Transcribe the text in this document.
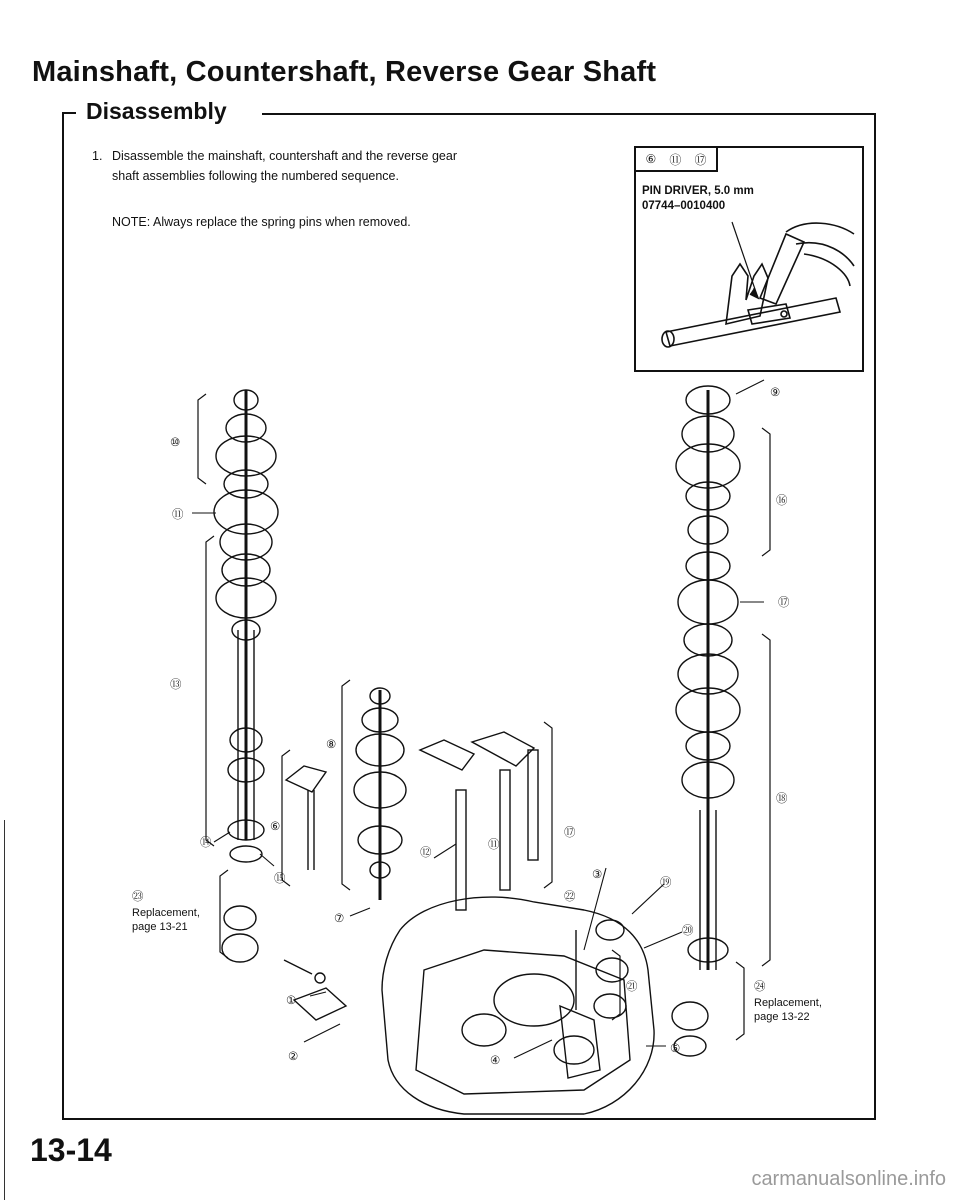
Mainshaft, Countershaft, Reverse Gear Shaft
Disassembly
1. Disassemble the mainshaft, countershaft and the reverse gear shaft assemblies following the numbered sequence.
NOTE: Always replace the spring pins when removed.
⑥ ⑪ ⑰
PIN DRIVER, 5.0 mm
07744–0010400
⑩
⑪
⑬
⑭
⑮
⑧
⑥
⑦
⑫
⑪
⑰
③
㉒
⑨
⑯
⑰
⑱
⑲
⑳
㉑
①
②	④
⑤
㉓
㉔
Replacement,
page 13-21
Replacement,
page 13-22
13-14
carmanualsonline.info
